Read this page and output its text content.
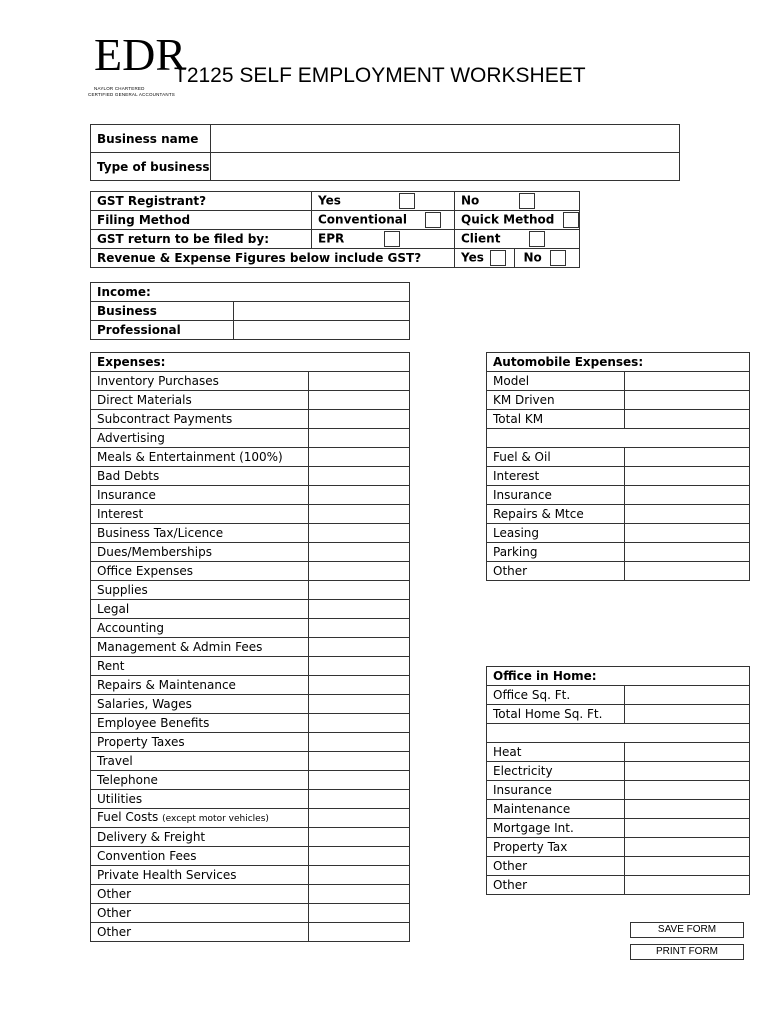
EDR
NAYLOR CHARTERED
CERTIFIED GENERAL ACCOUNTANTS
T2125 SELF EMPLOYMENT WORKSHEET
Business name	
Type of business	
GST Registrant?	Yes	No
Filing Method	Conventional	Quick Method
GST return to be filed by:	EPR	Client
Revenue & Expense Figures below include GST?		Yes No
Income:	
Business	
Professional	
Expenses:	
Inventory Purchases	
Direct Materials	
Subcontract Payments	
Advertising	
Meals & Entertainment (100%)	
Bad Debts	
Insurance	
Interest	
Business Tax/Licence	
Dues/Memberships	
Office Expenses	
Supplies	
Legal	
Accounting	
Management & Admin Fees	
Rent	
Repairs & Maintenance	
Salaries, Wages	
Employee Benefits	
Property Taxes	
Travel	
Telephone	
Utilities	
Fuel Costs (except motor vehicles)	
Delivery & Freight	
Convention Fees	
Private Health Services	
Other	
Other	
Other	
Automobile Expenses:	
Model	
KM Driven	
Total KM	

Fuel & Oil	
Interest	
Insurance	
Repairs & Mtce	
Leasing	
Parking	
Other	
Office in Home:	
Office Sq. Ft.	
Total Home Sq. Ft.	

Heat	
Electricity	
Insurance	
Maintenance	
Mortgage Int.	
Property Tax	
Other	
Other	
SAVE FORM
PRINT FORM
